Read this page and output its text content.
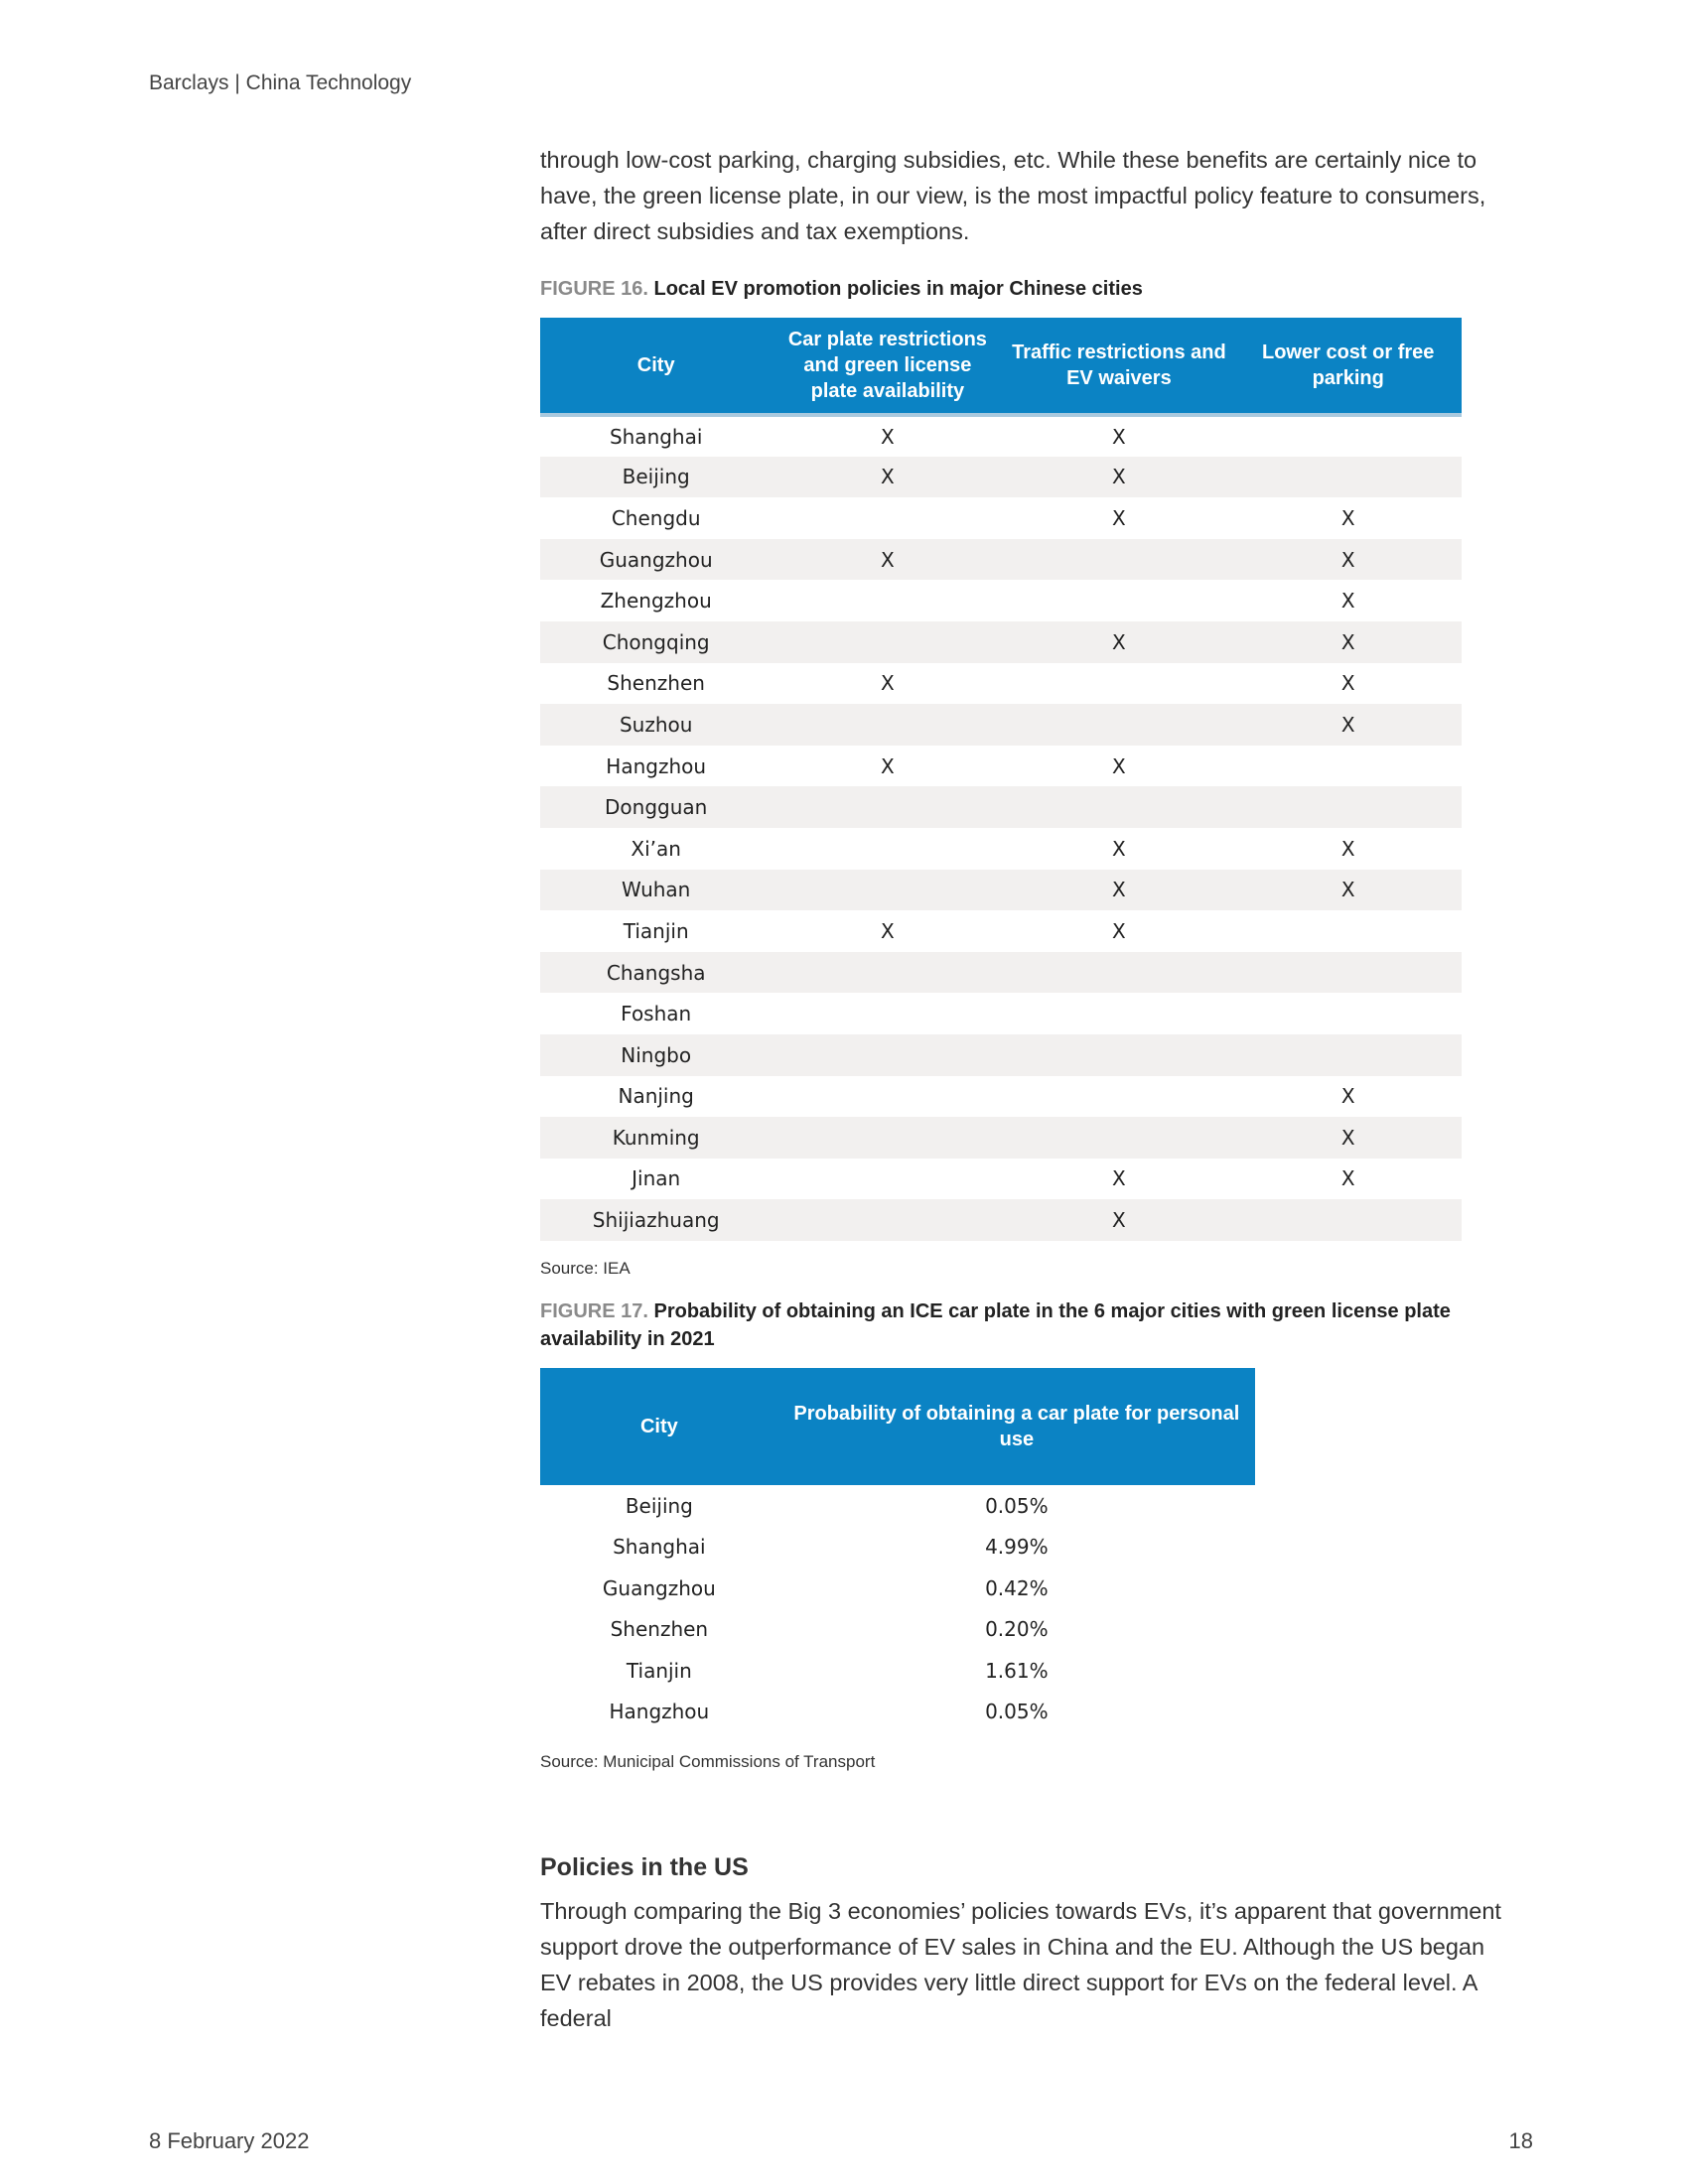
Barclays | China Technology

through low-cost parking, charging subsidies, etc. While these benefits are certainly nice to have, the green license plate, in our view, is the most impactful policy feature to consumers, after direct subsidies and tax exemptions.

FIGURE 16. Local EV promotion policies in major Chinese cities
City	Car plate restrictions and green license plate availability	Traffic restrictions and EV waivers	Lower cost or free parking
Shanghai	X	X	
Beijing	X	X	
Chengdu		X	X
Guangzhou	X		X
Zhengzhou			X
Chongqing		X	X
Shenzhen	X		X
Suzhou			X
Hangzhou	X	X	
Dongguan			
Xi’an		X	X
Wuhan		X	X
Tianjin	X	X	
Changsha			
Foshan			
Ningbo			
Nanjing			X
Kunming			X
Jinan		X	X
Shijiazhuang		X	
Source: IEA
FIGURE 17. Probability of obtaining an ICE car plate in the 6 major cities with green license plate availability in 2021
City	Probability of obtaining a car plate for personal use
Beijing	0.05%
Shanghai	4.99%
Guangzhou	0.42%
Shenzhen	0.20%
Tianjin	1.61%
Hangzhou	0.05%
Source: Municipal Commissions of Transport
Policies in the US

Through comparing the Big 3 economies’ policies towards EVs, it’s apparent that government support drove the outperformance of EV sales in China and the EU. Although the US began EV rebates in 2008, the US provides very little direct support for EVs on the federal level. A federal

8 February 2022	18
